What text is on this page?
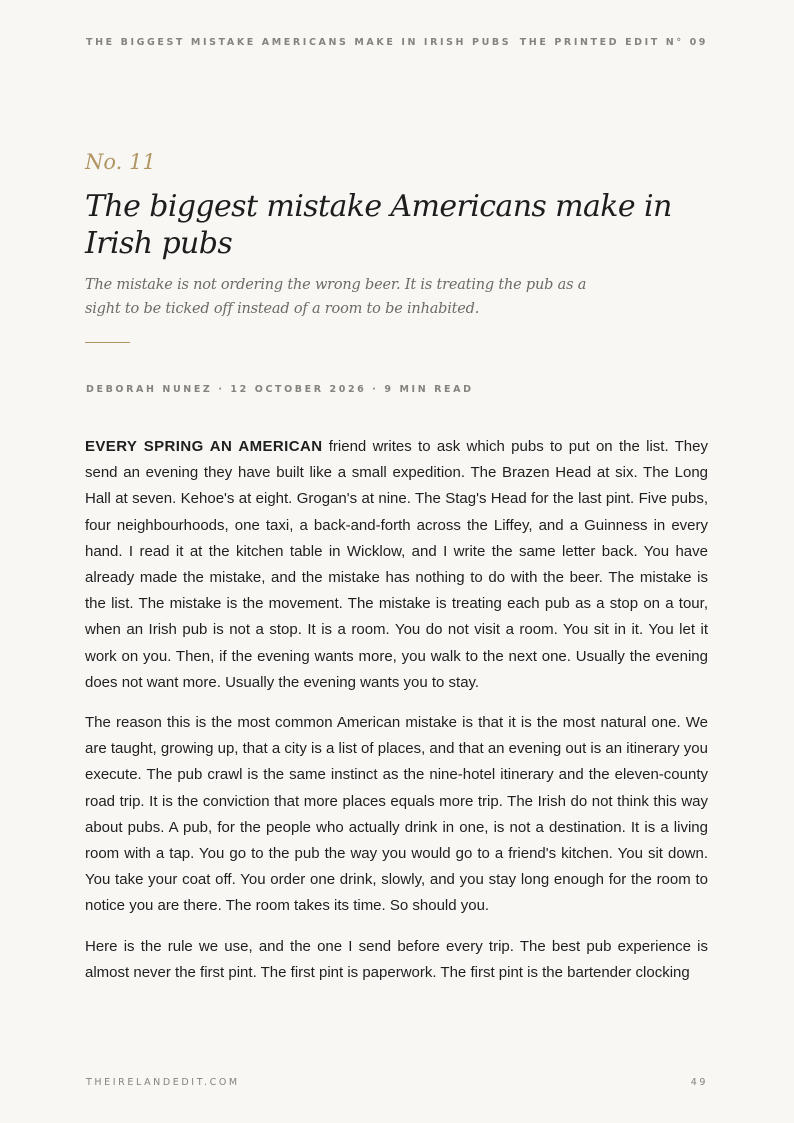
THE BIGGEST MISTAKE AMERICANS MAKE IN IRISH PUBS THE PRINTED EDIT N° 09
No. 11
The biggest mistake Americans make in Irish pubs

The mistake is not ordering the wrong beer. It is treating the pub as a sight to be ticked off instead of a room to be inhabited.

DEBORAH NUNEZ · 12 OCTOBER 2026 · 9 MIN READ

EVERY SPRING AN AMERICAN friend writes to ask which pubs to put on the list. They send an evening they have built like a small expedition. The Brazen Head at six. The Long Hall at seven. Kehoe's at eight. Grogan's at nine. The Stag's Head for the last pint. Five pubs, four neighbourhoods, one taxi, a back-and-forth across the Liffey, and a Guinness in every hand. I read it at the kitchen table in Wicklow, and I write the same letter back. You have already made the mistake, and the mistake has nothing to do with the beer. The mistake is the list. The mistake is the movement. The mistake is treating each pub as a stop on a tour, when an Irish pub is not a stop. It is a room. You do not visit a room. You sit in it. You let it work on you. Then, if the evening wants more, you walk to the next one. Usually the evening does not want more. Usually the evening wants you to stay.

The reason this is the most common American mistake is that it is the most natural one. We are taught, growing up, that a city is a list of places, and that an evening out is an itinerary you execute. The pub crawl is the same instinct as the nine-hotel itinerary and the eleven-county road trip. It is the conviction that more places equals more trip. The Irish do not think this way about pubs. A pub, for the people who actually drink in one, is not a destination. It is a living room with a tap. You go to the pub the way you would go to a friend's kitchen. You sit down. You take your coat off. You order one drink, slowly, and you stay long enough for the room to notice you are there. The room takes its time. So should you.

Here is the rule we use, and the one I send before every trip. The best pub experience is almost never the first pint. The first pint is paperwork. The first pint is the bartender clocking

THEIRELANDEDIT.COM	49
